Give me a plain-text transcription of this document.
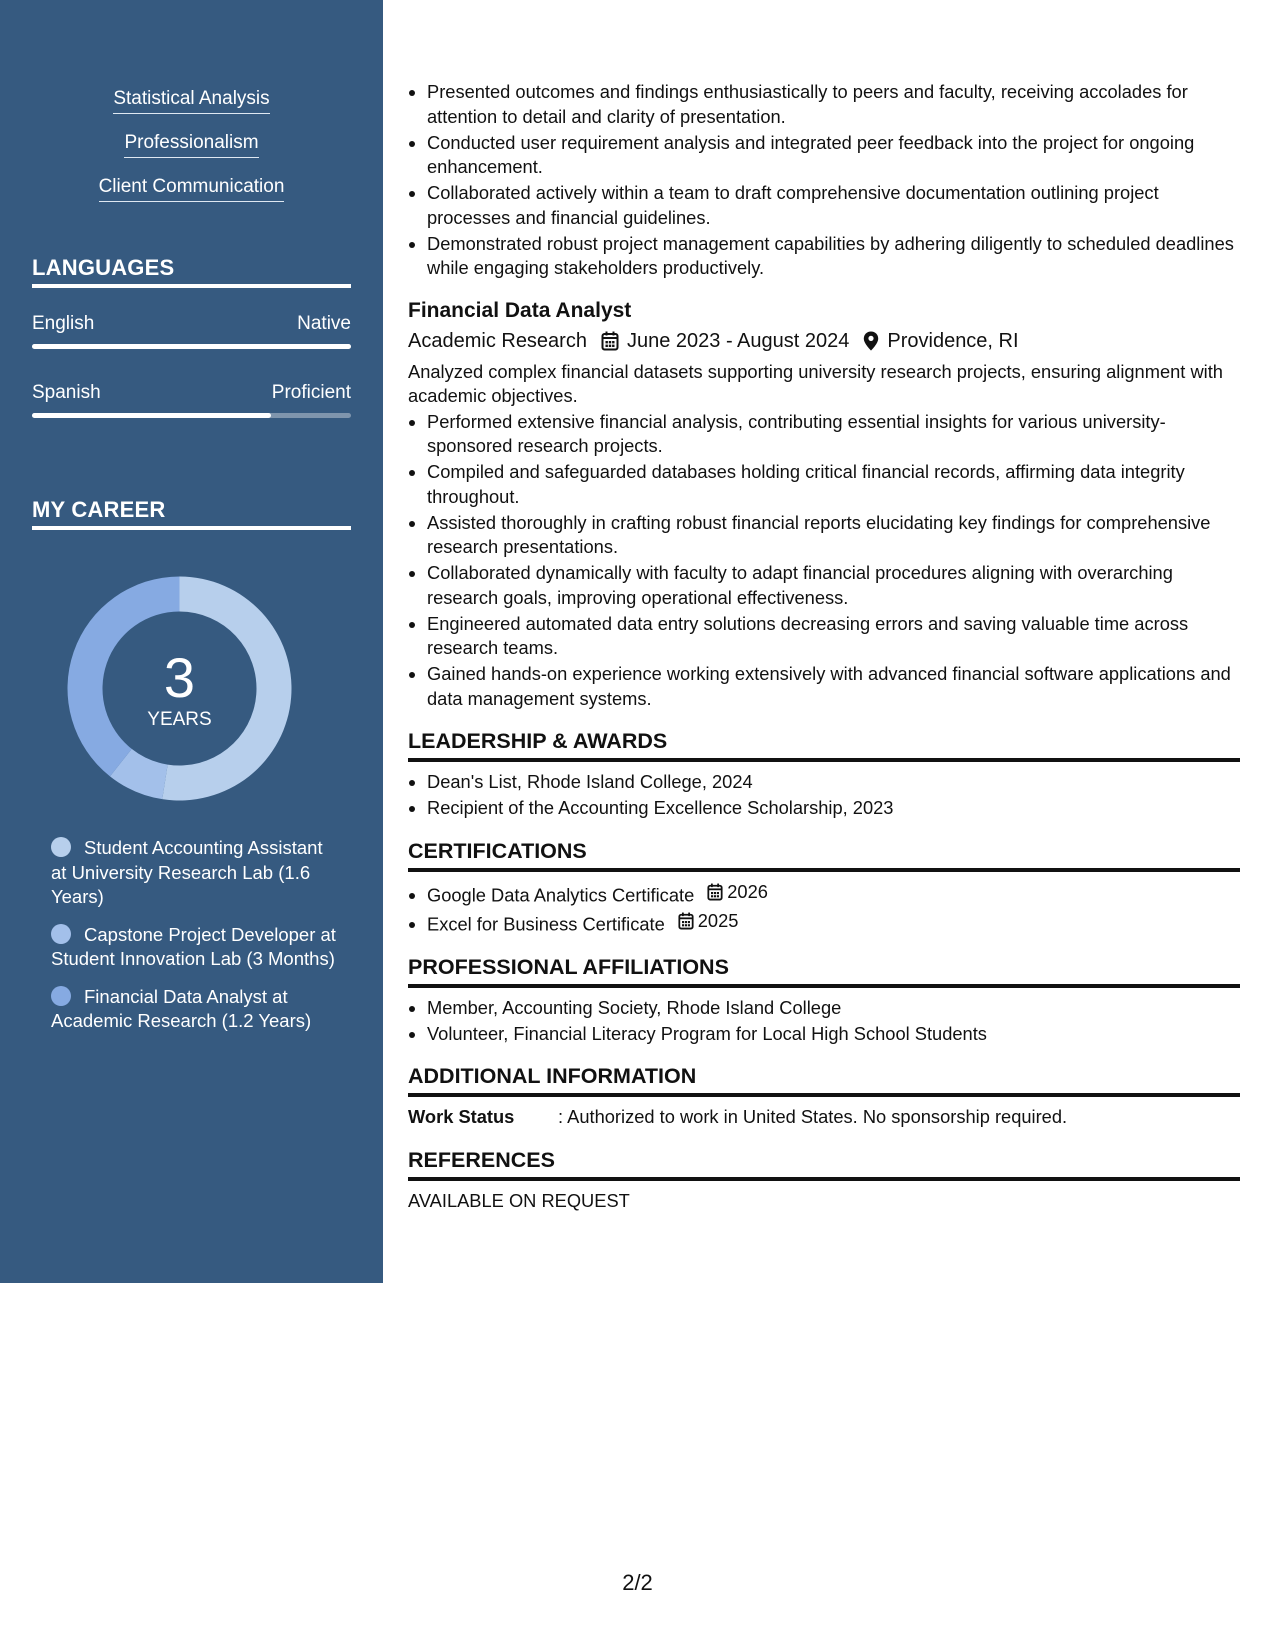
Statistical Analysis
Professionalism
Client Communication
LANGUAGES
English	Native
Spanish	Proficient
MY CAREER
3
YEARS
Student Accounting Assistant at University Research Lab (1.6 Years)
Capstone Project Developer at Student Innovation Lab (3 Months)
Financial Data Analyst at Academic Research (1.2 Years)
• Presented outcomes and findings enthusiastically to peers and faculty, receiving accolades for attention to detail and clarity of presentation.
• Conducted user requirement analysis and integrated peer feedback into the project for ongoing enhancement.
• Collaborated actively within a team to draft comprehensive documentation outlining project processes and financial guidelines.
• Demonstrated robust project management capabilities by adhering diligently to scheduled deadlines while engaging stakeholders productively.
Financial Data Analyst
Academic Research June 2023 - August 2024 Providence, RI

Analyzed complex financial datasets supporting university research projects, ensuring alignment with academic objectives.

• Performed extensive financial analysis, contributing essential insights for various university-sponsored research projects.
• Compiled and safeguarded databases holding critical financial records, affirming data integrity throughout.
• Assisted thoroughly in crafting robust financial reports elucidating key findings for comprehensive research presentations.
• Collaborated dynamically with faculty to adapt financial procedures aligning with overarching research goals, improving operational effectiveness.
• Engineered automated data entry solutions decreasing errors and saving valuable time across research teams.
• Gained hands-on experience working extensively with advanced financial software applications and data management systems.
LEADERSHIP & AWARDS
• Dean's List, Rhode Island College, 2024
• Recipient of the Accounting Excellence Scholarship, 2023
CERTIFICATIONS
• Google Data Analytics Certificate 2026
• Excel for Business Certificate 2025
PROFESSIONAL AFFILIATIONS
• Member, Accounting Society, Rhode Island College
• Volunteer, Financial Literacy Program for Local High School Students
ADDITIONAL INFORMATION
Work Status	: Authorized to work in United States. No sponsorship required.
REFERENCES
AVAILABLE ON REQUEST
2/2
